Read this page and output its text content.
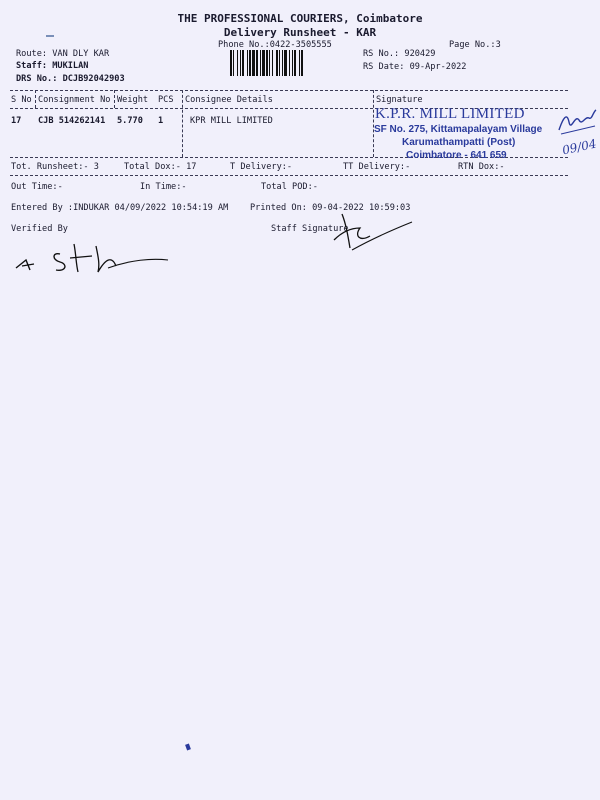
THE PROFESSIONAL COURIERS, Coimbatore
Delivery Runsheet - KAR
Phone No.:0422-3505555	Page No.:3
Route: VAN DLY KAR
Staff: MUKILAN
DRS No.: DCJB92042903
RS No.: 920429
RS Date: 09-Apr-2022
S No Consignment No Weight PCS Consignee Details	Signature
17 CJB 514262141 5.770 1	KPR MILL LIMITED	K.P.R. MILL LIMITED
SF No. 275, Kittamapalayam Village
Karumathampatti (Post)
Coimbatore - 641 659	09/04
Tot. Runsheet:- 3	Total Dox:- 17	T Delivery:-	TT Delivery:-	RTN Dox:-
Out Time:-	In Time:-	Total POD:-
Entered By :INDUKAR 04/09/2022 10:54:19 AM	Printed On: 09-04-2022 10:59:03
Verified By	Staff Signature
